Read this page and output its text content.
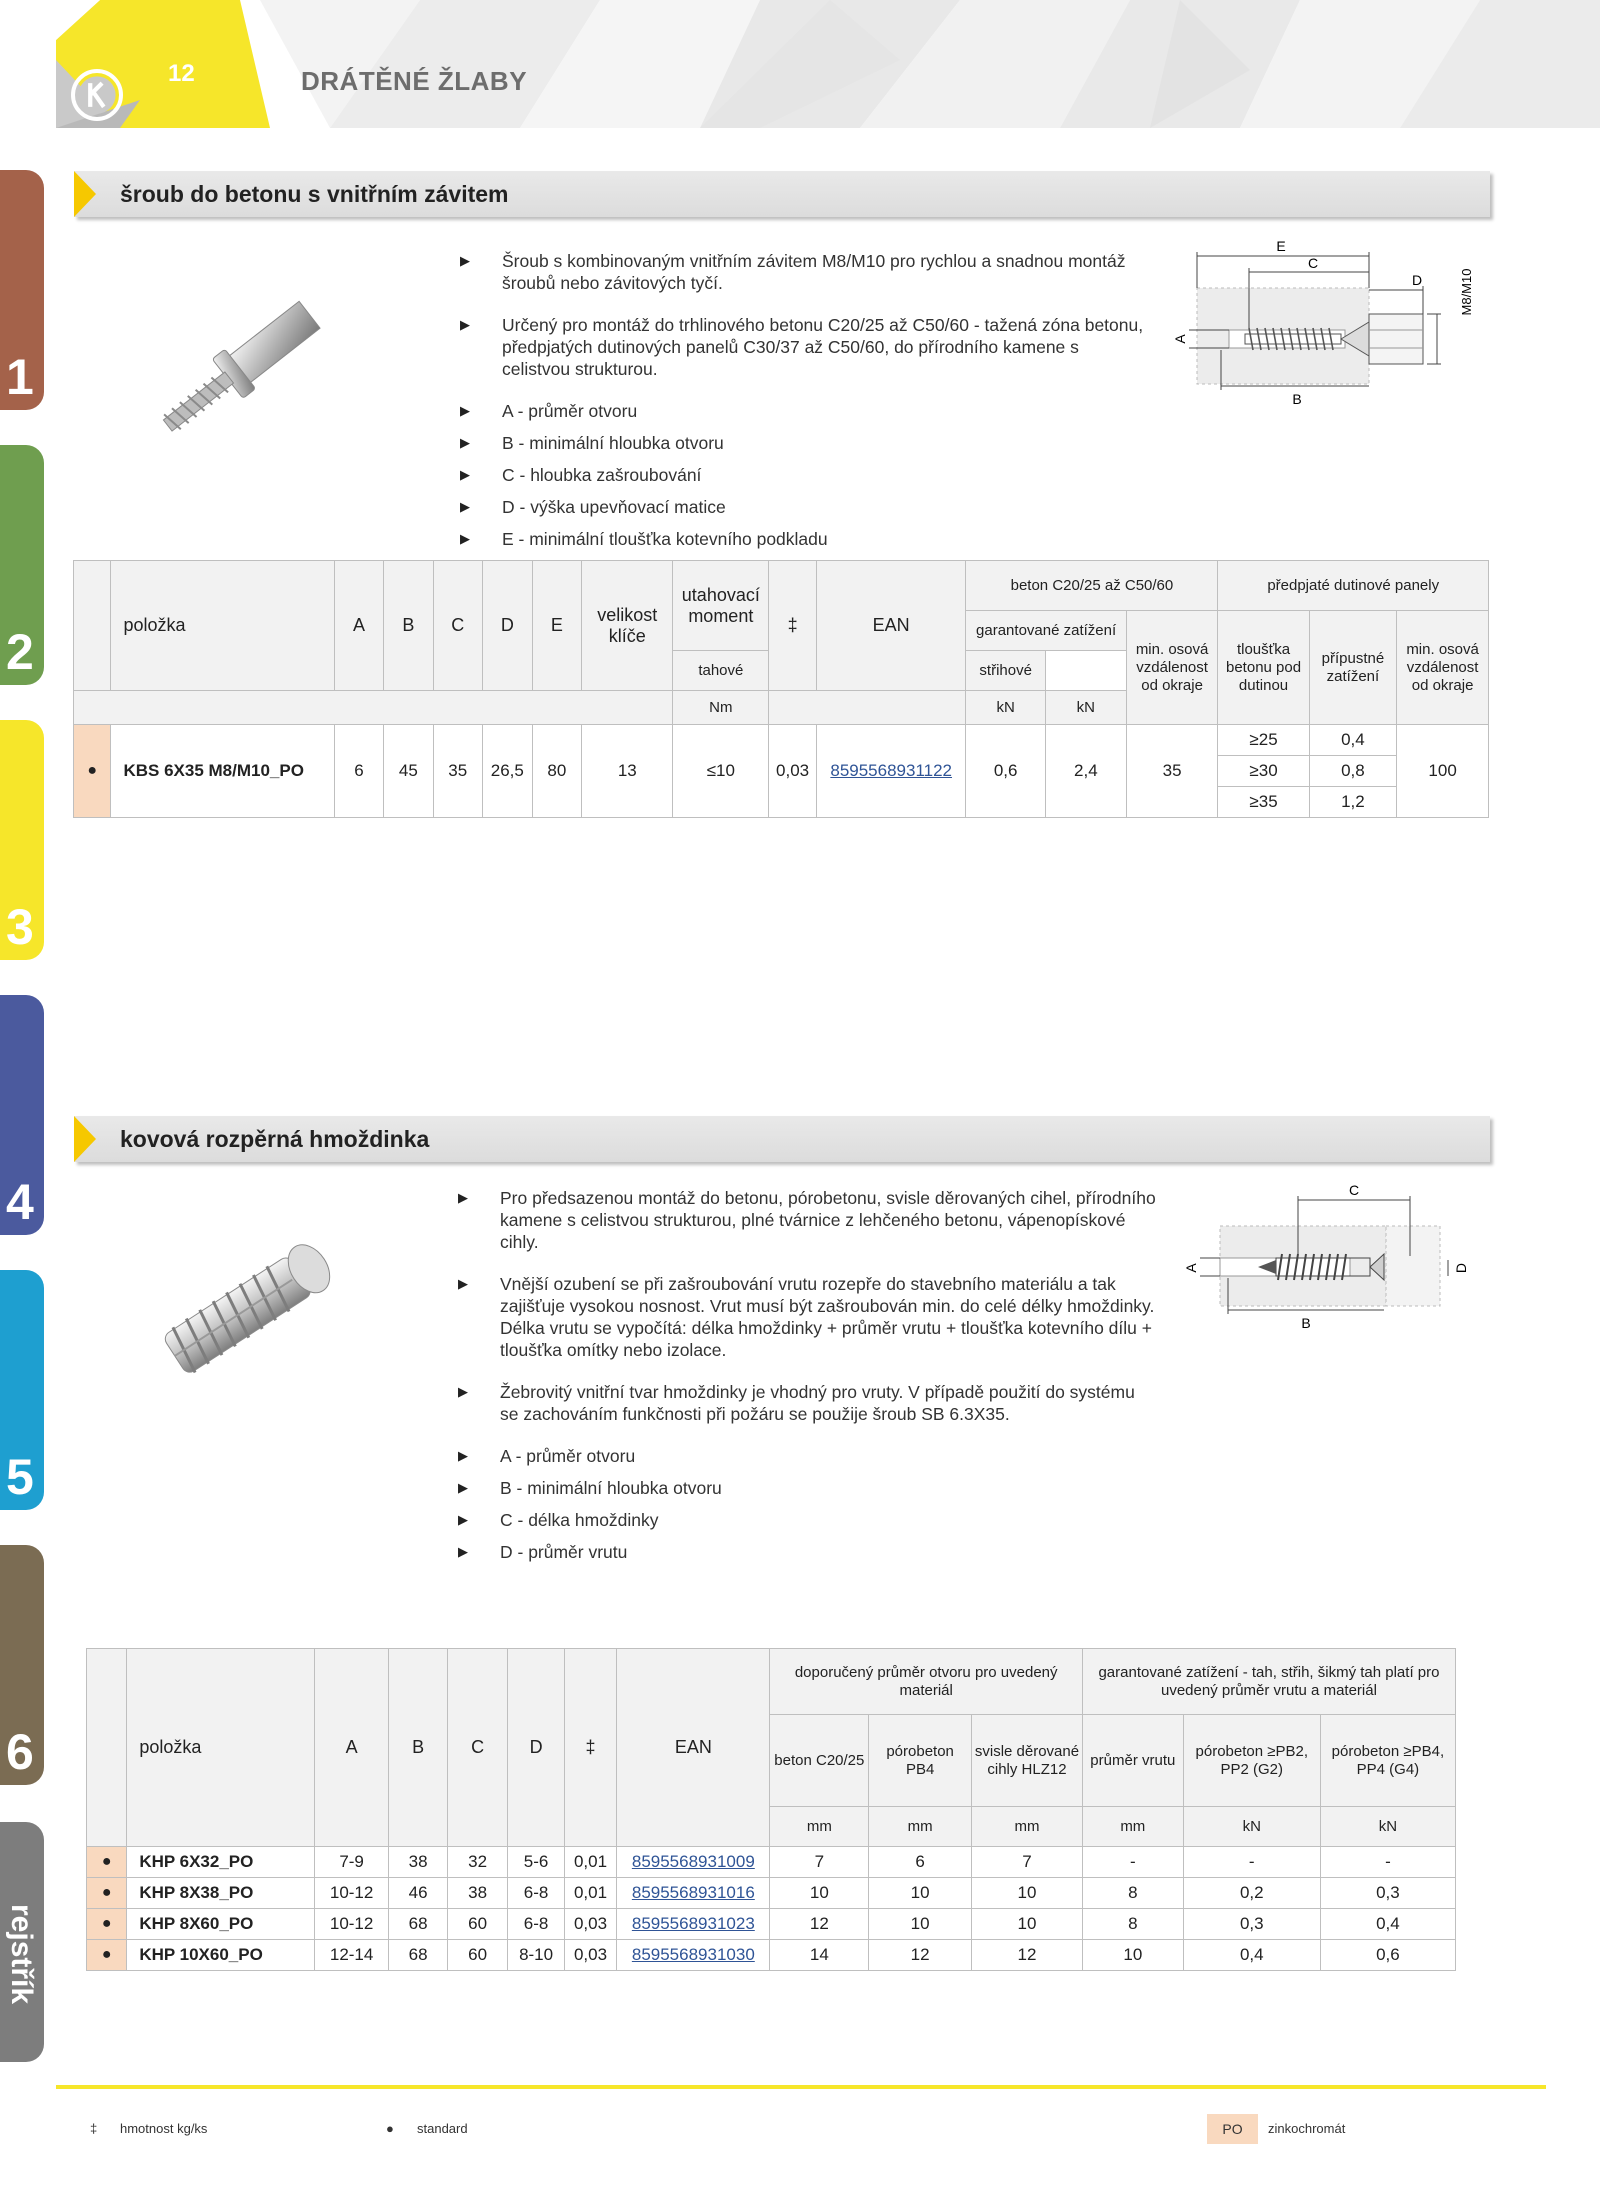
12	DRÁTĚNÉ ŽLABY
1
2
3
4
5
6
rejstřík
šroub do betonu s vnitřním závitem
▶ Šroub s kombinovaným vnitřním závitem M8/M10 pro rychlou a snadnou montáž šroubů nebo závitových tyčí.
▶ Určený pro montáž do trhlinového betonu C20/25 až C50/60 - tažená zóna betonu, předpjatých dutinových panelů C30/37 až C50/60, do přírodního kamene s celistvou strukturou.
▶ A - průměr otvoru
▶ B - minimální hloubka otvoru
▶ C - hloubka zašroubování
▶ D - výška upevňovací matice
▶ E - minimální tloušťka kotevního podkladu
E
C
D
B
A
M8/M10
	položka	A	B	C	D	E	velikost klíče	utahovací moment	‡	EAN	beton C20/25 až C50/60			předpjaté dutinové panely		
											garantované zatížení		min. osová vzdálenost od okraje	tloušťka betonu pod dutinou	přípustné zatížení	min. osová vzdálenost od okraje
								tahové			střihové					
								Nm			kN	kN				
●	KBS 6X35 M8/M10_PO	6	45	35	26,5	80	13	≤10	0,03	8595568931122	0,6	2,4	35	≥25	0,4	100
														≥30	0,8	
														≥35	1,2	
kovová rozpěrná hmoždinka
▶ Pro předsazenou montáž do betonu, pórobetonu, svisle děrovaných cihel, přírodního kamene s celistvou strukturou, plné tvárnice z lehčeného betonu, vápenopískové cihly.
▶ Vnější ozubení se při zašroubování vrutu rozepře do stavebního materiálu a tak zajišťuje vysokou nosnost. Vrut musí být zašroubován min. do celé délky hmoždinky. Délka vrutu se vypočítá: délka hmoždinky + průměr vrutu + tloušťka kotevního dílu + tloušťka omítky nebo izolace.
▶ Žebrovitý vnitřní tvar hmoždinky je vhodný pro vruty. V případě použití do systému se zachováním funkčnosti při požáru se použije šroub SB 6.3X35.
▶ A - průměr otvoru
▶ B - minimální hloubka otvoru
▶ C - délka hmoždinky
▶ D - průměr vrutu
C
B
A	D
	položka	A	B	C	D	‡	EAN	doporučený průměr otvoru pro uvedený materiál			garantované zatížení - tah, střih, šikmý tah platí pro uvedený průměr vrutu a materiál		
								beton C20/25	pórobeton PB4	svisle děrované cihly HLZ12	průměr vrutu	pórobeton ≥PB2, PP2 (G2)	pórobeton ≥PB4, PP4 (G4)
								mm	mm	mm	mm	kN	kN
●	KHP 6X32_PO	7-9	38	32	5-6	0,01	8595568931009	7	6	7	-	-	-
●	KHP 8X38_PO	10-12	46	38	6-8	0,01	8595568931016	10	10	10	8	0,2	0,3
●	KHP 8X60_PO	10-12	68	60	6-8	0,03	8595568931023	12	10	10	8	0,3	0,4
●	KHP 10X60_PO	12-14	68	60	8-10	0,03	8595568931030	14	12	12	10	0,4	0,6
‡ hmotnost kg/ks	● standard	PO	zinkochromát
